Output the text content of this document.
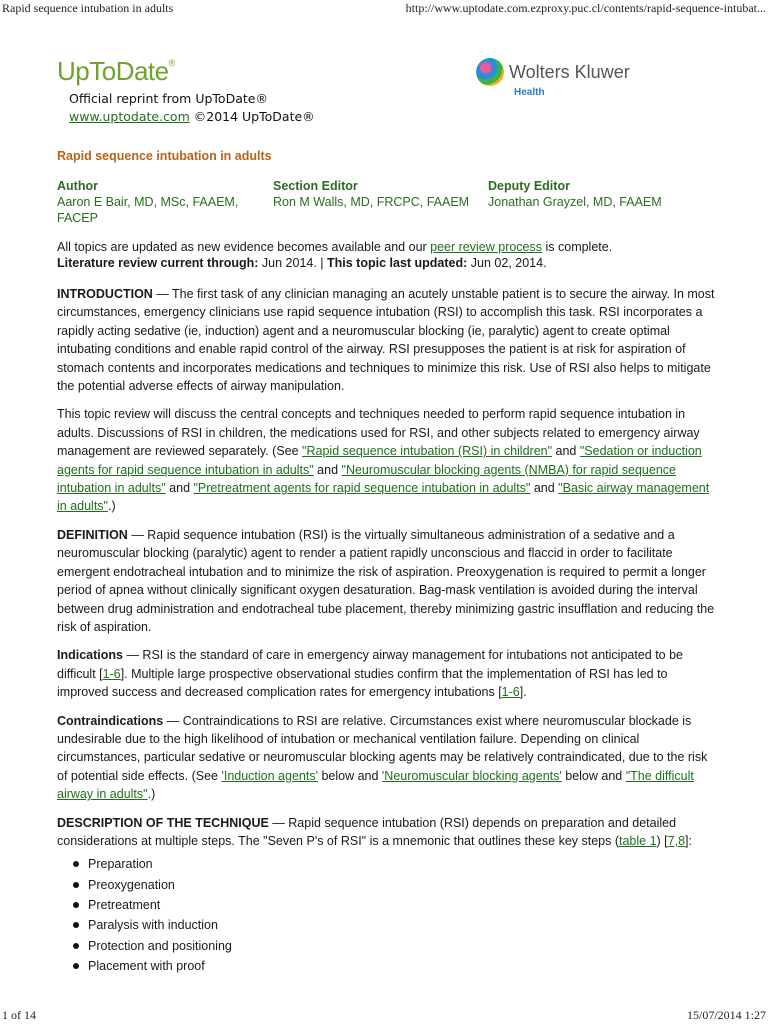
Rapid sequence intubation in adults	http://www.uptodate.com.ezproxy.puc.cl/contents/rapid-sequence-intubat...
UpToDate®
Official reprint from UpToDate®
www.uptodate.com ©2014 UpToDate®
Wolters Kluwer
Health
Rapid sequence intubation in adults
Author
Aaron E Bair, MD, MSc, FAAEM, FACEP
Section Editor
Ron M Walls, MD, FRCPC, FAAEM
Deputy Editor
Jonathan Grayzel, MD, FAAEM

All topics are updated as new evidence becomes available and our peer review process is complete.
Literature review current through: Jun 2014. | This topic last updated: Jun 02, 2014.

INTRODUCTION — The first task of any clinician managing an acutely unstable patient is to secure the airway. In most circumstances, emergency clinicians use rapid sequence intubation (RSI) to accomplish this task. RSI incorporates a rapidly acting sedative (ie, induction) agent and a neuromuscular blocking (ie, paralytic) agent to create optimal intubating conditions and enable rapid control of the airway. RSI presupposes the patient is at risk for aspiration of stomach contents and incorporates medications and techniques to minimize this risk. Use of RSI also helps to mitigate the potential adverse effects of airway manipulation.

This topic review will discuss the central concepts and techniques needed to perform rapid sequence intubation in adults. Discussions of RSI in children, the medications used for RSI, and other subjects related to emergency airway management are reviewed separately. (See "Rapid sequence intubation (RSI) in children" and "Sedation or induction agents for rapid sequence intubation in adults" and "Neuromuscular blocking agents (NMBA) for rapid sequence intubation in adults" and "Pretreatment agents for rapid sequence intubation in adults" and "Basic airway management in adults".)

DEFINITION — Rapid sequence intubation (RSI) is the virtually simultaneous administration of a sedative and a neuromuscular blocking (paralytic) agent to render a patient rapidly unconscious and flaccid in order to facilitate emergent endotracheal intubation and to minimize the risk of aspiration. Preoxygenation is required to permit a longer period of apnea without clinically significant oxygen desaturation. Bag-mask ventilation is avoided during the interval between drug administration and endotracheal tube placement, thereby minimizing gastric insufflation and reducing the risk of aspiration.

Indications — RSI is the standard of care in emergency airway management for intubations not anticipated to be difficult [1-6]. Multiple large prospective observational studies confirm that the implementation of RSI has led to improved success and decreased complication rates for emergency intubations [1-6].

Contraindications — Contraindications to RSI are relative. Circumstances exist where neuromuscular blockade is undesirable due to the high likelihood of intubation or mechanical ventilation failure. Depending on clinical circumstances, particular sedative or neuromuscular blocking agents may be relatively contraindicated, due to the risk of potential side effects. (See 'Induction agents' below and 'Neuromuscular blocking agents' below and "The difficult airway in adults".)

DESCRIPTION OF THE TECHNIQUE — Rapid sequence intubation (RSI) depends on preparation and detailed considerations at multiple steps. The "Seven P's of RSI" is a mnemonic that outlines these key steps (table 1) [7,8]:

Preparation
Preoxygenation
Pretreatment
Paralysis with induction
Protection and positioning
Placement with proof
1 of 14	15/07/2014 1:27
